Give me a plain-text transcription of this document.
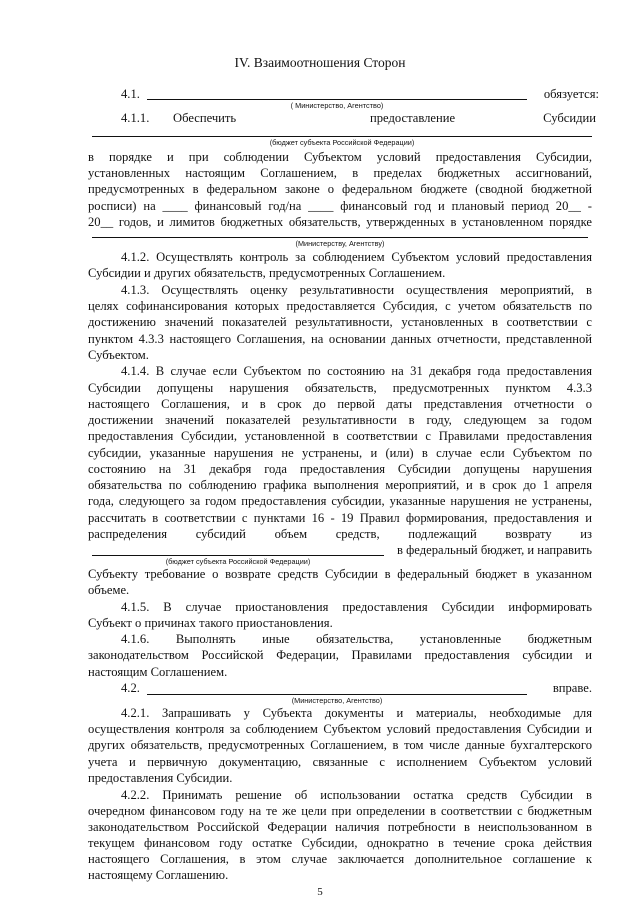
IV. Взаимоотношения Сторон
4.1.	обязуется:
( Министерство, Агентство)
4.1.1.	Обеспечить	предоставление	Субсидии
(бюджет субъекта Российской Федерации)
в порядке и при соблюдении Субъектом условий предоставления Субсидии,
установленных настоящим Соглашением, в пределах бюджетных ассигнований,
предусмотренных в федеральном законе о федеральном бюджете (сводной бюджетной
росписи) на ____ финансовый год/на ____ финансовый год и плановый период 20__ -
20__ годов, и лимитов бюджетных обязательств, утвержденных в установленном порядке
(Министерству, Агентству)
4.1.2. Осуществлять контроль за соблюдением Субъектом условий предоставления
Субсидии и других обязательств, предусмотренных Соглашением.
4.1.3. Осуществлять оценку результативности осуществления мероприятий, в
целях софинансирования которых предоставляется Субсидия, с учетом обязательств по
достижению значений показателей результативности, установленных в соответствии с
пунктом 4.3.3 настоящего Соглашения, на основании данных отчетности, представленной
Субъектом.
4.1.4. В случае если Субъектом по состоянию на 31 декабря года предоставления
Субсидии допущены нарушения обязательств, предусмотренных пунктом 4.3.3
настоящего Соглашения, и в срок до первой даты представления отчетности о
достижении значений показателей результативности в году, следующем за годом
предоставления Субсидии, установленной в соответствии с Правилами предоставления
субсидии, указанные нарушения не устранены, и (или) в случае если Субъектом по
состоянию на 31 декабря года предоставления Субсидии допущены нарушения
обязательства по соблюдению графика выполнения мероприятий, и в срок до 1 апреля
года, следующего за годом предоставления субсидии, указанные нарушения не устранены,
рассчитать в соответствии с пунктами 16 - 19 Правил формирования, предоставления и
распределения субсидий объем средств, подлежащий возврату из
в федеральный бюджет, и направить
(бюджет субъекта Российской Федерации)
Субъекту требование о возврате средств Субсидии в федеральный бюджет в указанном
объеме.
4.1.5. В случае приостановления предоставления Субсидии информировать
Субъект о причинах такого приостановления.
4.1.6. Выполнять иные обязательства, установленные бюджетным
законодательством Российской Федерации, Правилами предоставления субсидии и
настоящим Соглашением.
4.2.	вправе.
(Министерство, Агентство)
4.2.1. Запрашивать у Субъекта документы и материалы, необходимые для
осуществления контроля за соблюдением Субъектом условий предоставления Субсидии и
других обязательств, предусмотренных Соглашением, в том числе данные бухгалтерского
учета и первичную документацию, связанные с исполнением Субъектом условий
предоставления Субсидии.
4.2.2. Принимать решение об использовании остатка средств Субсидии в
очередном финансовом году на те же цели при определении в соответствии с бюджетным
законодательством Российской Федерации наличия потребности в неиспользованном в
текущем финансовом году остатке Субсидии, однократно в течение срока действия
настоящего Соглашения, в этом случае заключается дополнительное соглашение к
настоящему Соглашению.
5
